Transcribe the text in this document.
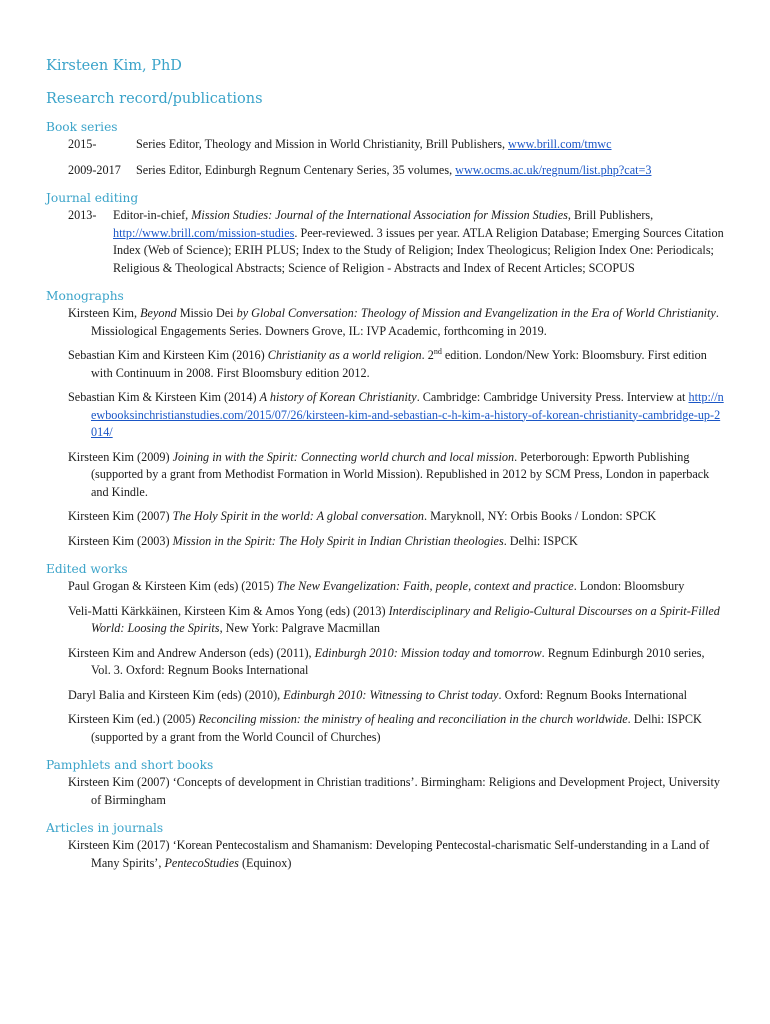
Kirsteen Kim, PhD
Research record/publications
Book series
2015-	Series Editor, Theology and Mission in World Christianity, Brill Publishers, www.brill.com/tmwc
2009-2017	Series Editor, Edinburgh Regnum Centenary Series, 35 volumes, www.ocms.ac.uk/regnum/list.php?cat=3
Journal editing
2013-	Editor-in-chief, Mission Studies: Journal of the International Association for Mission Studies, Brill Publishers, http://www.brill.com/mission-studies. Peer-reviewed. 3 issues per year. ATLA Religion Database; Emerging Sources Citation Index (Web of Science); ERIH PLUS; Index to the Study of Religion; Index Theologicus; Religion Index One: Periodicals; Religious & Theological Abstracts; Science of Religion - Abstracts and Index of Recent Articles; SCOPUS
Monographs
Kirsteen Kim, Beyond Missio Dei by Global Conversation: Theology of Mission and Evangelization in the Era of World Christianity. Missiological Engagements Series. Downers Grove, IL: IVP Academic, forthcoming in 2019.
Sebastian Kim and Kirsteen Kim (2016) Christianity as a world religion. 2nd edition. London/New York: Bloomsbury. First edition with Continuum in 2008. First Bloomsbury edition 2012.
Sebastian Kim & Kirsteen Kim (2014) A history of Korean Christianity. Cambridge: Cambridge University Press. Interview at http://newbooksinchristianstudies.com/2015/07/26/kirsteen-kim-and-sebastian-c-h-kim-a-history-of-korean-christianity-cambridge-up-2014/
Kirsteen Kim (2009) Joining in with the Spirit: Connecting world church and local mission. Peterborough: Epworth Publishing (supported by a grant from Methodist Formation in World Mission). Republished in 2012 by SCM Press, London in paperback and Kindle.
Kirsteen Kim (2007) The Holy Spirit in the world: A global conversation. Maryknoll, NY: Orbis Books / London: SPCK
Kirsteen Kim (2003) Mission in the Spirit: The Holy Spirit in Indian Christian theologies. Delhi: ISPCK
Edited works
Paul Grogan & Kirsteen Kim (eds) (2015) The New Evangelization: Faith, people, context and practice. London: Bloomsbury
Veli-Matti Kärkkäinen, Kirsteen Kim & Amos Yong (eds) (2013) Interdisciplinary and Religio-Cultural Discourses on a Spirit-Filled World: Loosing the Spirits, New York: Palgrave Macmillan
Kirsteen Kim and Andrew Anderson (eds) (2011), Edinburgh 2010: Mission today and tomorrow. Regnum Edinburgh 2010 series, Vol. 3. Oxford: Regnum Books International
Daryl Balia and Kirsteen Kim (eds) (2010), Edinburgh 2010: Witnessing to Christ today. Oxford: Regnum Books International
Kirsteen Kim (ed.) (2005) Reconciling mission: the ministry of healing and reconciliation in the church worldwide. Delhi: ISPCK (supported by a grant from the World Council of Churches)
Pamphlets and short books
Kirsteen Kim (2007) ‘Concepts of development in Christian traditions’. Birmingham: Religions and Development Project, University of Birmingham
Articles in journals
Kirsteen Kim (2017) ‘Korean Pentecostalism and Shamanism: Developing Pentecostal-charismatic Self-understanding in a Land of Many Spirits’, PentecoStudies (Equinox)
